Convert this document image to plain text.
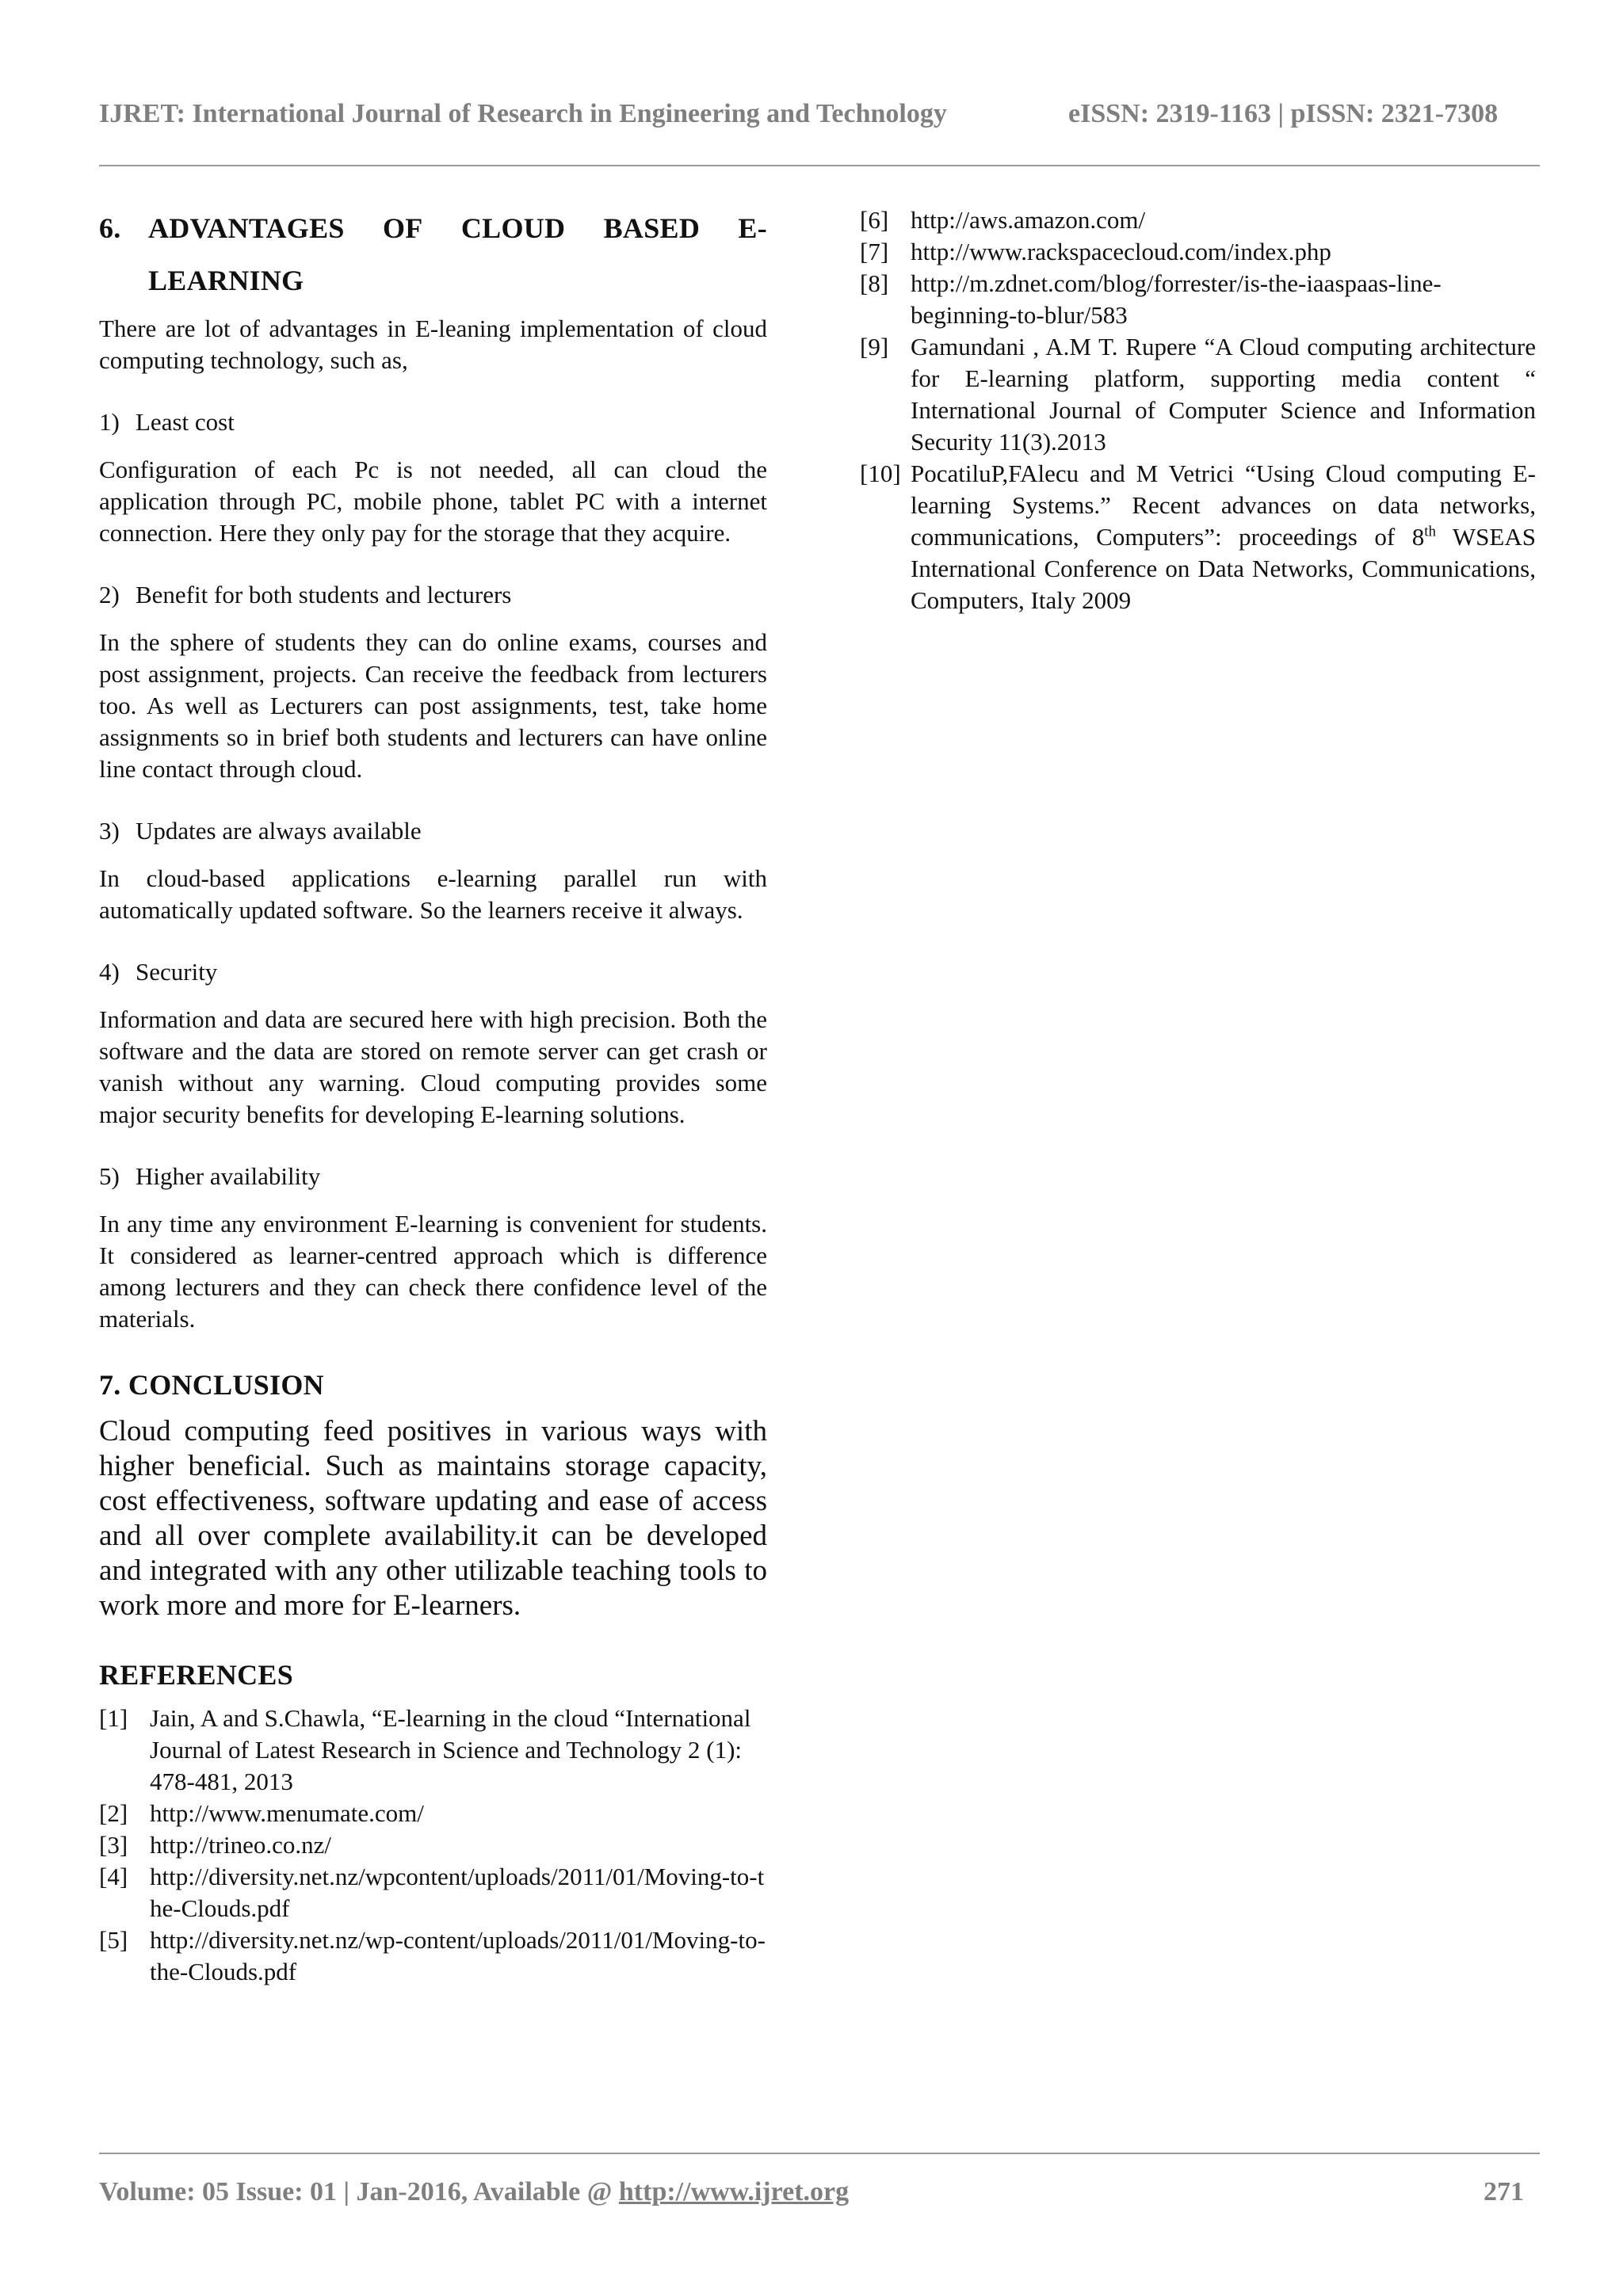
IJRET: International Journal of Research in Engineering and Technology	eISSN: 2319-1163 | pISSN: 2321-7308
6. ADVANTAGES OF CLOUD BASED E-
LEARNING

There are lot of advantages in E-leaning implementation of cloud computing technology, such as,

1) Least cost

Configuration of each Pc is not needed, all can cloud the application through PC, mobile phone, tablet PC with a internet connection. Here they only pay for the storage that they acquire.

2) Benefit for both students and lecturers

In the sphere of students they can do online exams, courses and post assignment, projects. Can receive the feedback from lecturers too. As well as Lecturers can post assignments, test, take home assignments so in brief both students and lecturers can have online line contact through cloud.

3) Updates are always available

In cloud-based applications e-learning parallel run with automatically updated software. So the learners receive it always.

4) Security

Information and data are secured here with high precision. Both the software and the data are stored on remote server can get crash or vanish without any warning. Cloud computing provides some major security benefits for developing E-learning solutions.

5) Higher availability

In any time any environment E-learning is convenient for students. It considered as learner-centred approach which is difference among lecturers and they can check there confidence level of the materials.

7. CONCLUSION

Cloud computing feed positives in various ways with higher beneficial. Such as maintains storage capacity, cost effectiveness, software updating and ease of access and all over complete availability.it can be developed and integrated with any other utilizable teaching tools to work more and more for E-learners.

REFERENCES
[1] Jain, A and S.Chawla, “E-learning in the cloud “International Journal of Latest Research in Science and Technology 2 (1): 478-481, 2013
[2] http://www.menumate.com/
[3] http://trineo.co.nz/
[4] http://diversity.net.nz/wpcontent/uploads/2011/01/Moving-to-the-Clouds.pdf
[5] http://diversity.net.nz/wp-content/uploads/2011/01/Moving-to-the-Clouds.pdf
[6] http://aws.amazon.com/
[7] http://www.rackspacecloud.com/index.php
[8] http://m.zdnet.com/blog/forrester/is-the-iaaspaas-line-beginning-to-blur/583
[9] Gamundani , A.M T. Rupere “A Cloud computing architecture for E-learning platform, supporting media content “ International Journal of Computer Science and Information Security 11(3).2013
[10] PocatiluP,FAlecu and M Vetrici “Using Cloud computing E-learning Systems.” Recent advances on data networks, communications, Computers”: proceedings of 8th WSEAS International Conference on Data Networks, Communications, Computers, Italy 2009
Volume: 05 Issue: 01 | Jan-2016, Available @ http://www.ijret.org	271
